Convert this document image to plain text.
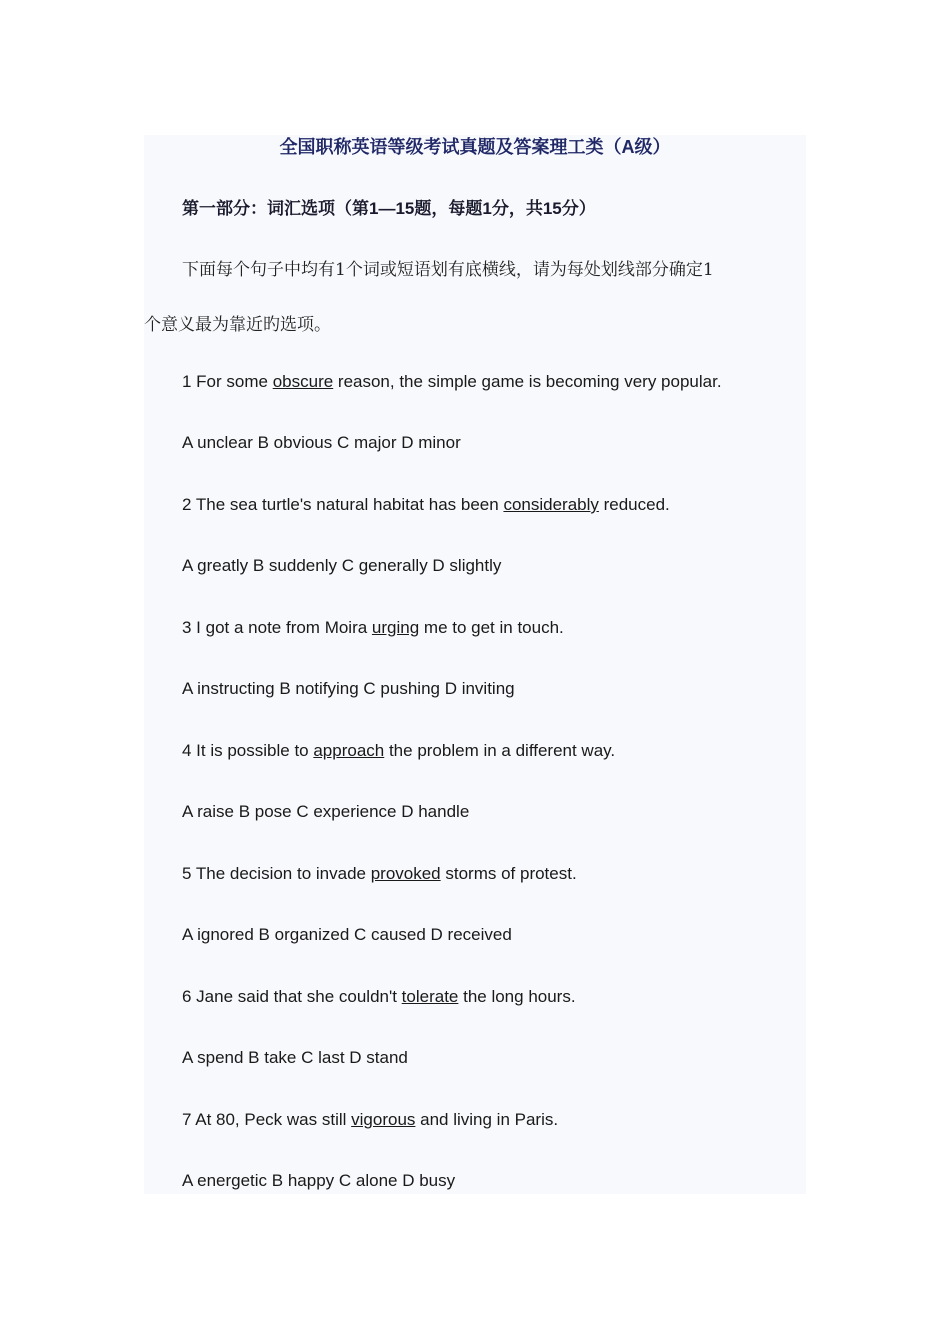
全国职称英语等级考试真题及答案理工类（A级）
第一部分：词汇选项（第1—15题，每题1分，共15分）
下面每个句子中均有1个词或短语划有底横线，请为每处划线部分确定1
个意义最为靠近旳选项。
1 For some obscure reason, the simple game is becoming very popular.
A unclear B obvious C major D minor
2 The sea turtle's natural habitat has been considerably reduced.
A greatly B suddenly C generally D slightly
3 I got a note from Moira urging me to get in touch.
A instructing B notifying C pushing D inviting
4 It is possible to approach the problem in a different way.
A raise B pose C experience D handle
5 The decision to invade provoked storms of protest.
A ignored B organized C caused D received
6 Jane said that she couldn't tolerate the long hours.
A spend B take C last D stand
7 At 80, Peck was still vigorous and living in Paris.
A energetic B happy C alone D busy
